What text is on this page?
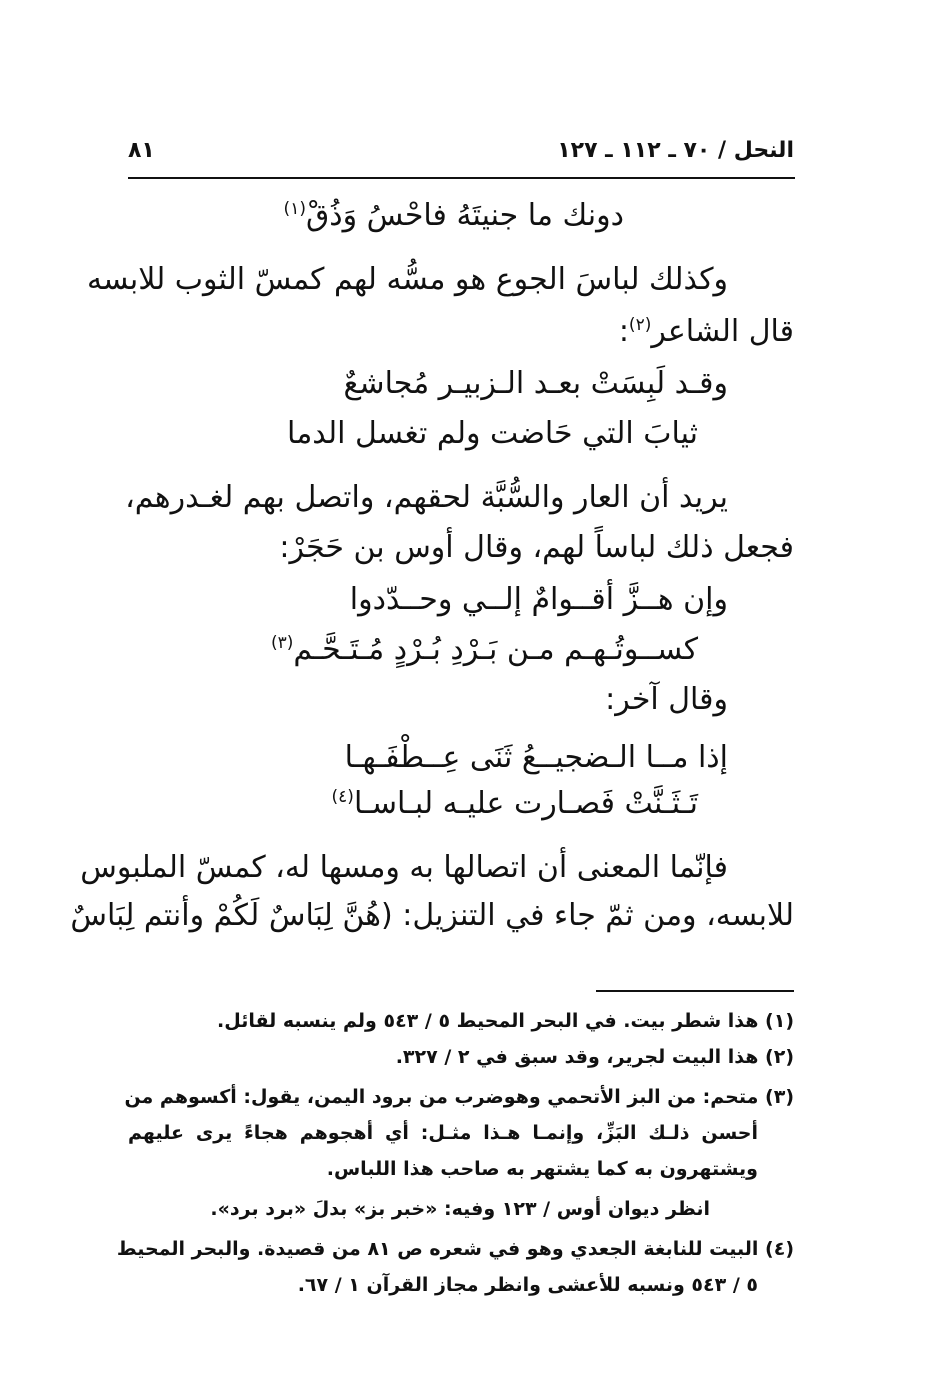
النحل / ٧٠ ـ ١١٢ ـ ١٢٧
٨١
دونك ما جنيتَهُ فاحْسُ وَذُقْ$^{(١)}$
وكذلك لباسَ الجوع هو مسُّه لهم كمسّ الثوب للابسه
قال الشاعر$^{(٢)}$:
وقـد لَبِسَتْ بعـد الـزبيـر مُجاشعٌ
ثيابَ التي حَاضت ولم تغسل الدما
يريد أن العار والسُّبَّة لحقهم، واتصل بهم لغـدرهم،
فجعل ذلك لباساً لهم، وقال أوس بن حَجَرْ:
وإن هــزَّ أقــوامٌ إلــي وحــدّدوا
كســوتُـهـم مـن بَـرْدِ بُـرْدٍ مُـتَـحَّـم$^{(٣)}$
وقال آخر:
إذا مــا الـضجيــعُ ثَنَى عِــطْفَـهـا
تَـثَـنَّتْ فَصـارت عليـه لبـاسـا$^{(٤)}$
فإنّما المعنى أن اتصالها به ومسها له، كمسّ الملبوس
للابسه، ومن ثمّ جاء في التنزيل: (هُنَّ لِبَاسٌ لَكُمْ وأنتم لِبَاسٌ
(١) هذا شطر بيت. في البحر المحيط ٥ / ٥٤٣ ولم ينسبه لقائل.
(٢) هذا البيت لجرير، وقد سبق في ٢ / ٣٢٧.
(٣) متحم: من البز الأتحمي وهوضرب من برود اليمن، يقول: أكسوهم من
أحسن ذلـك البَزِّ، وإنمـا هـذا مثـل: أي أهجوهم هجاءً يرى عليهم
ويشتهرون به كما يشتهر به صاحب هذا اللباس.
انظر ديوان أوس / ١٢٣ وفيه: «خبر بز» بدلَ «برد برد».
(٤) البيت للنابغة الجعدي وهو في شعره ص ٨١ من قصيدة. والبحر المحيط
٥ / ٥٤٣ ونسبه للأعشى وانظر مجاز القرآن ١ / ٦٧.
